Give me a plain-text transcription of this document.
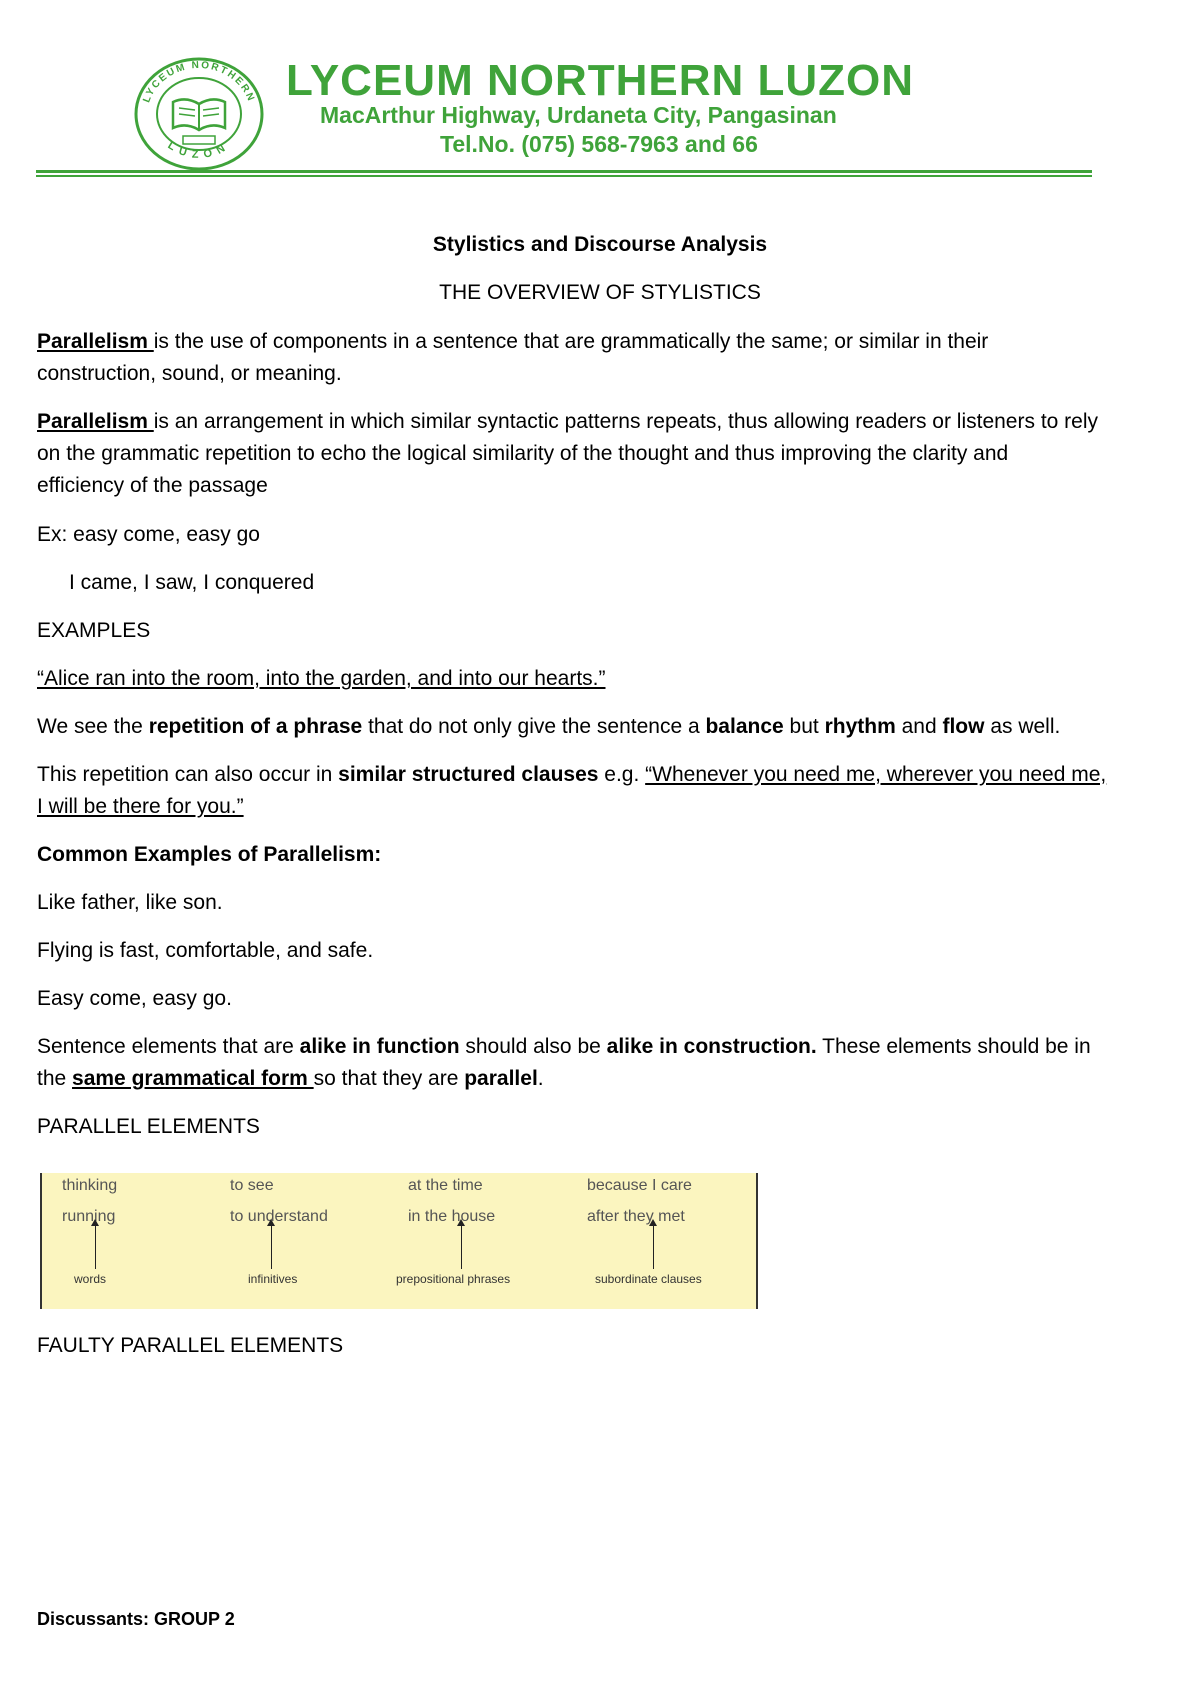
LYCEUM NORTHERN
LUZON
LYCEUM NORTHERN LUZON
MacArthur Highway, Urdaneta City, Pangasinan
Tel.No. (075) 568-7963 and 66
Stylistics and Discourse Analysis
THE OVERVIEW OF STYLISTICS
Parallelism is the use of components in a sentence that are grammatically the same; or similar in their
construction, sound, or meaning.
Parallelism is an arrangement in which similar syntactic patterns repeats, thus allowing readers or listeners to rely
on the grammatic repetition to echo the logical similarity of the thought and thus improving the clarity and
efficiency of the passage
Ex: easy come, easy go
I came, I saw, I conquered
EXAMPLES
“Alice ran into the room, into the garden, and into our hearts.”
We see the repetition of a phrase that do not only give the sentence a balance but rhythm and flow as well.
This repetition can also occur in similar structured clauses e.g. “Whenever you need me, wherever you need me,
I will be there for you.”
Common Examples of Parallelism:
Like father, like son.
Flying is fast, comfortable, and safe.
Easy come, easy go.
Sentence elements that are alike in function should also be alike in construction. These elements should be in
the same grammatical form so that they are parallel.
PARALLEL ELEMENTS
thinking
running
words
to see
to understand
infinitives
at the time
in the house
prepositional phrases
because I care
after they met
subordinate clauses
FAULTY PARALLEL ELEMENTS
Discussants: GROUP 2
